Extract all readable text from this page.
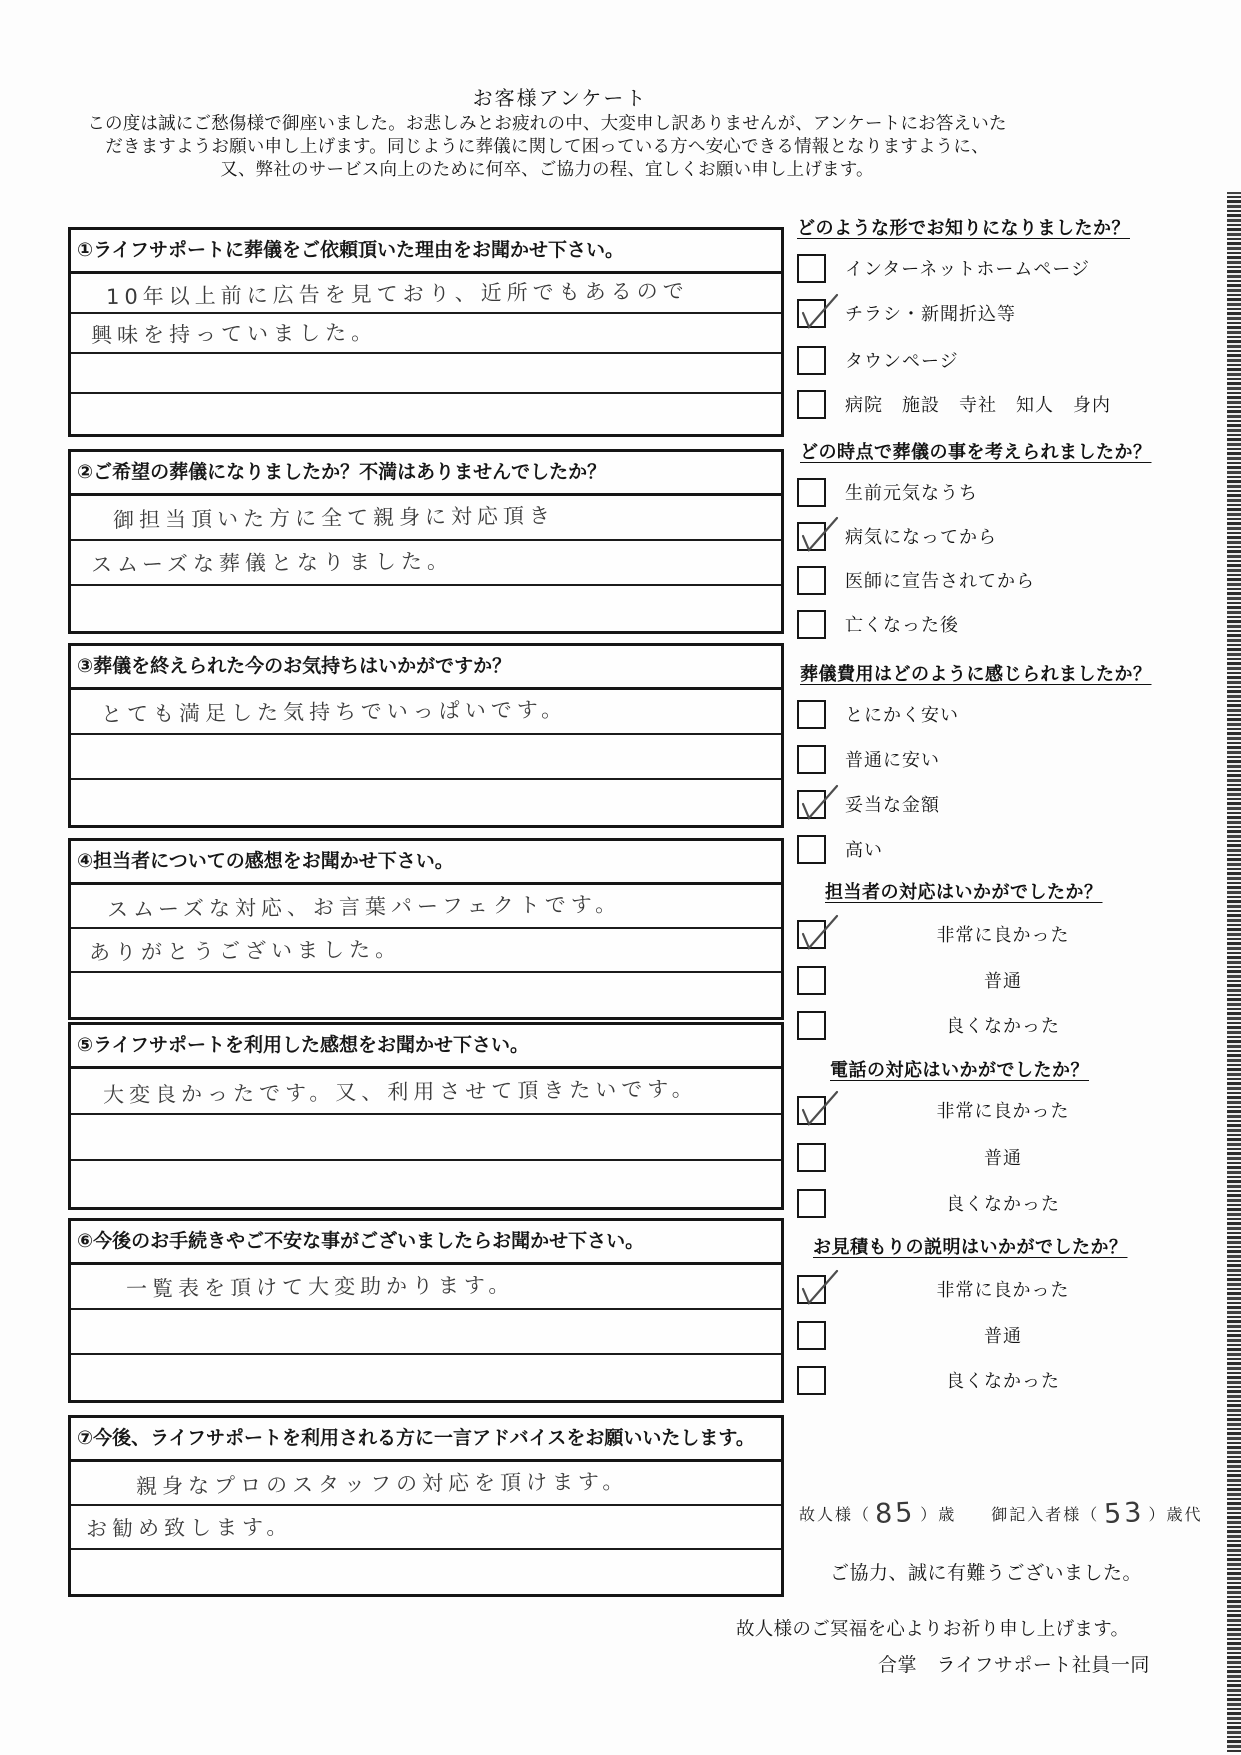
お客様アンケート
この度は誠にご愁傷様で御座いました。お悲しみとお疲れの中、大変申し訳ありませんが、アンケートにお答えいた
だきますようお願い申し上げます。同じように葬儀に関して困っている方へ安心できる情報となりますように、
又、弊社のサービス向上のために何卒、ご協力の程、宜しくお願い申し上げます。
①ライフサポートに葬儀をご依頼頂いた理由をお聞かせ下さい。
10年以上前に広告を見ており、近所でもあるので
興味を持っていました。
②ご希望の葬儀になりましたか？不満はありませんでしたか？
御担当頂いた方に全て親身に対応頂き
スムーズな葬儀となりました。
③葬儀を終えられた今のお気持ちはいかがですか？
とても満足した気持ちでいっぱいです。
④担当者についての感想をお聞かせ下さい。
スムーズな対応、お言葉パーフェクトです。
ありがとうございました。
⑤ライフサポートを利用した感想をお聞かせ下さい。
大変良かったです。又、利用させて頂きたいです。
⑥今後のお手続きやご不安な事がございましたらお聞かせ下さい。
一覧表を頂けて大変助かります。
⑦今後、ライフサポートを利用される方に一言アドバイスをお願いいたします。
親身なプロのスタッフの対応を頂けます。
お勧め致します。
どのような形でお知りになりましたか？
インターネットホームページ
チラシ・新聞折込等
タウンページ
病院　施設　寺社　知人　身内
どの時点で葬儀の事を考えられましたか？
生前元気なうち
病気になってから
医師に宣告されてから
亡くなった後
葬儀費用はどのように感じられましたか？
とにかく安い
普通に安い
妥当な金額
高い
担当者の対応はいかがでしたか？
非常に良かった
普通
良くなかった
電話の対応はいかがでしたか？
非常に良かった
普通
良くなかった
お見積もりの説明はいかがでしたか？
非常に良かった
普通
良くなかった
故人様（ 85 ）歳 御記入者様（ 53 ）歳代
ご協力、誠に有難うございました。
故人様のご冥福を心よりお祈り申し上げます。
合掌　ライフサポート社員一同
